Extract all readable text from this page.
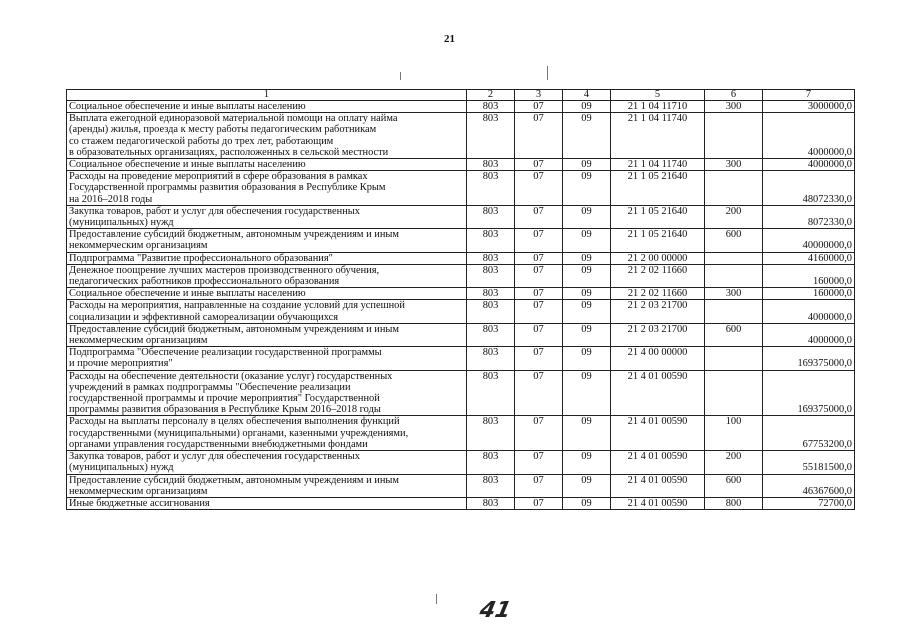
21
1	2	3	4	5	6	7

Социальное обеспечение и иные выплаты населению	803	07	09	21 1 04 11710	300	3000000,0

Выплата ежегодной единоразовой материальной помощи на оплату найма
(аренды) жилья, проезда к месту работы педагогическим работникам
со стажем педагогической работы до трех лет, работающим
в образовательных организациях, расположенных в сельской местности	803	07	09	21 1 04 11740		4000000,0

Социальное обеспечение и иные выплаты населению	803	07	09	21 1 04 11740	300	4000000,0

Расходы на проведение мероприятий в сфере образования в рамках
Государственной программы развития образования в Республике Крым
на 2016–2018 годы	803	07	09	21 1 05 21640		48072330,0

Закупка товаров, работ и услуг для обеспечения государственных
(муниципальных) нужд	803	07	09	21 1 05 21640	200	8072330,0

Предоставление субсидий бюджетным, автономным учреждениям и иным
некоммерческим организациям	803	07	09	21 1 05 21640	600	40000000,0

Подпрограмма "Развитие профессионального образования"	803	07	09	21 2 00 00000		4160000,0

Денежное поощрение лучших мастеров производственного обучения,
педагогических работников профессионального образования	803	07	09	21 2 02 11660		160000,0

Социальное обеспечение и иные выплаты населению	803	07	09	21 2 02 11660	300	160000,0

Расходы на мероприятия, направленные на создание условий для успешной
социализации и эффективной самореализации обучающихся	803	07	09	21 2 03 21700		4000000,0

Предоставление субсидий бюджетным, автономным учреждениям и иным
некоммерческим организациям	803	07	09	21 2 03 21700	600	4000000,0

Подпрограмма "Обеспечение реализации государственной программы
и прочие мероприятия"	803	07	09	21 4 00 00000		169375000,0

Расходы на обеспечение деятельности (оказание услуг) государственных
учреждений в рамках подпрограммы "Обеспечение реализации
государственной программы и прочие мероприятия" Государственной
программы развития образования в Республике Крым 2016–2018 годы	803	07	09	21 4 01 00590		169375000,0

Расходы на выплаты персоналу в целях обеспечения выполнения функций
государственными (муниципальными) органами, казенными учреждениями,
органами управления государственными внебюджетными фондами	803	07	09	21 4 01 00590	100	67753200,0

Закупка товаров, работ и услуг для обеспечения государственных
(муниципальных) нужд	803	07	09	21 4 01 00590	200	55181500,0

Предоставление субсидий бюджетным, автономным учреждениям и иным
некоммерческим организациям	803	07	09	21 4 01 00590	600	46367600,0

Иные бюджетные ассигнования	803	07	09	21 4 01 00590	800	72700,0
41
